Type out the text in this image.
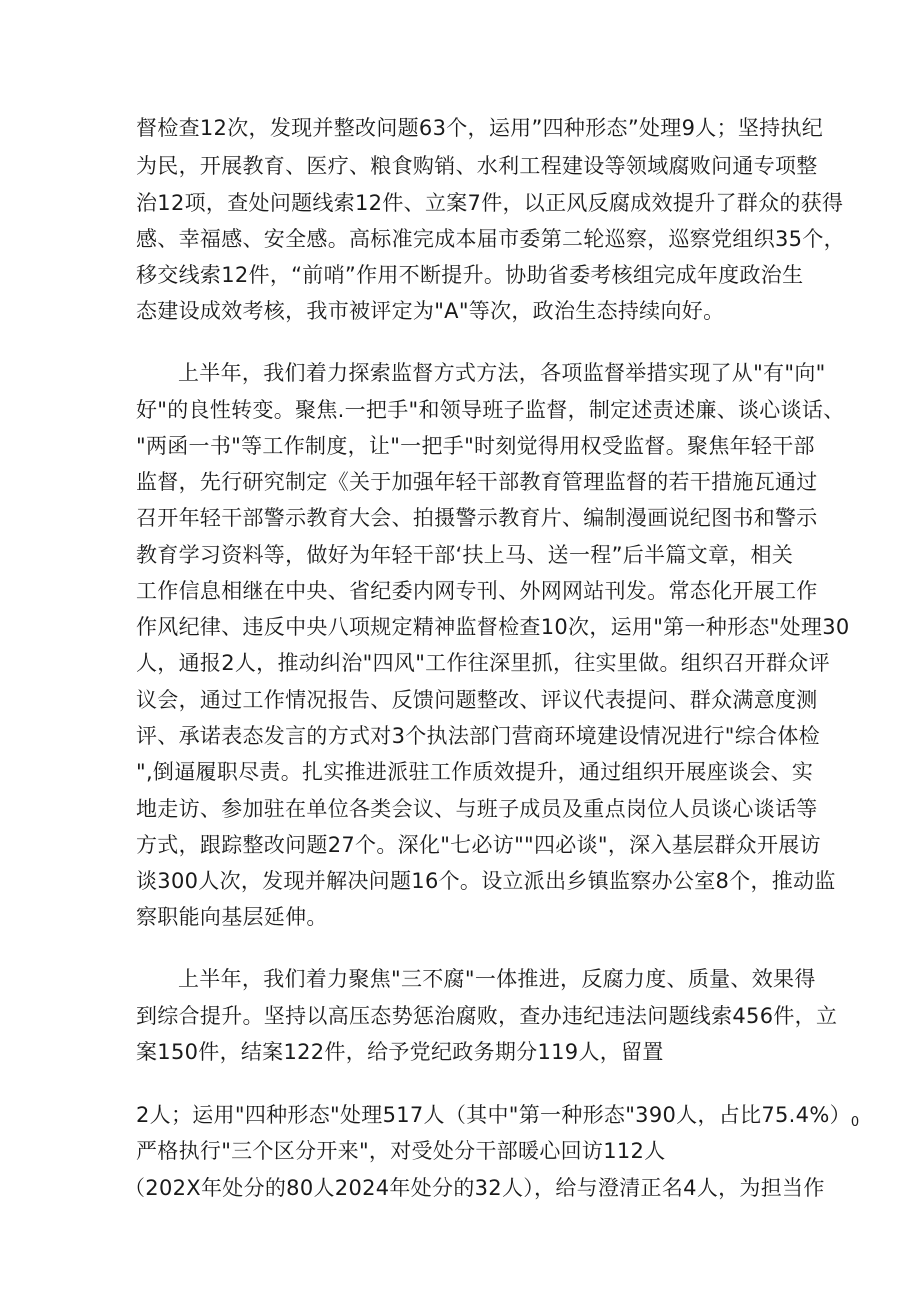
督检查12次，发现并整改问题63个，运用”四种形态”处理9人；坚持执纪
为民，开展教育、医疗、粮食购销、水利工程建设等领域腐败问通专项整
治12项，查处问题线索12件、立案7件，以正风反腐成效提升了群众的获得
感、幸福感、安全感。高标准完成本届市委第二轮巡察，巡察党组织35个，
移交线索12件，“前哨”作用不断提升。协助省委考核组完成年度政治生
态建设成效考核，我市被评定为"A"等次，政治生态持续向好。
上半年，我们着力探索监督方式方法，各项监督举措实现了从"有"向"
好"的良性转变。聚焦.一把手"和领导班子监督，制定述责述廉、谈心谈话、
"两函一书"等工作制度，让"一把手"时刻觉得用权受监督。聚焦年轻干部
监督，先行研究制定《关于加强年轻干部教育管理监督的若干措施瓦通过
召开年轻干部警示教育大会、拍摄警示教育片、编制漫画说纪图书和警示
教育学习资料等，做好为年轻干部‘扶上马、送一程”后半篇文章，相关
工作信息相继在中央、省纪委内网专刊、外网网站刊发。常态化开展工作
作风纪律、违反中央八项规定精神监督检查10次，运用"第一种形态"处理30
人，通报2人，推动纠治"四风"工作往深里抓，往实里做。组织召开群众评
议会，通过工作情况报告、反馈问题整改、评议代表提问、群众满意度测
评、承诺表态发言的方式对3个执法部门营商环境建设情况进行"综合体检
",倒逼履职尽责。扎实推进派驻工作质效提升，通过组织开展座谈会、实
地走访、参加驻在单位各类会议、与班子成员及重点岗位人员谈心谈话等
方式，跟踪整改问题27个。深化"七必访""四必谈"，深入基层群众开展访
谈300人次，发现并解决问题16个。设立派出乡镇监察办公室8个，推动监
察职能向基层延伸。
上半年，我们着力聚焦"三不腐"一体推进，反腐力度、质量、效果得
到综合提升。坚持以高压态势惩治腐败，查办违纪违法问题线索456件，立
案150件，结案122件，给予党纪政务期分119人，留置
2人；运用"四种形态"处理517人（其中"第一种形态"390人，占比$75.4\%)_0$
严格执行"三个区分开来"，对受处分干部暖心回访112人
（202X年处分的80人2024年处分的32人），给与澄清正名4人，为担当作
